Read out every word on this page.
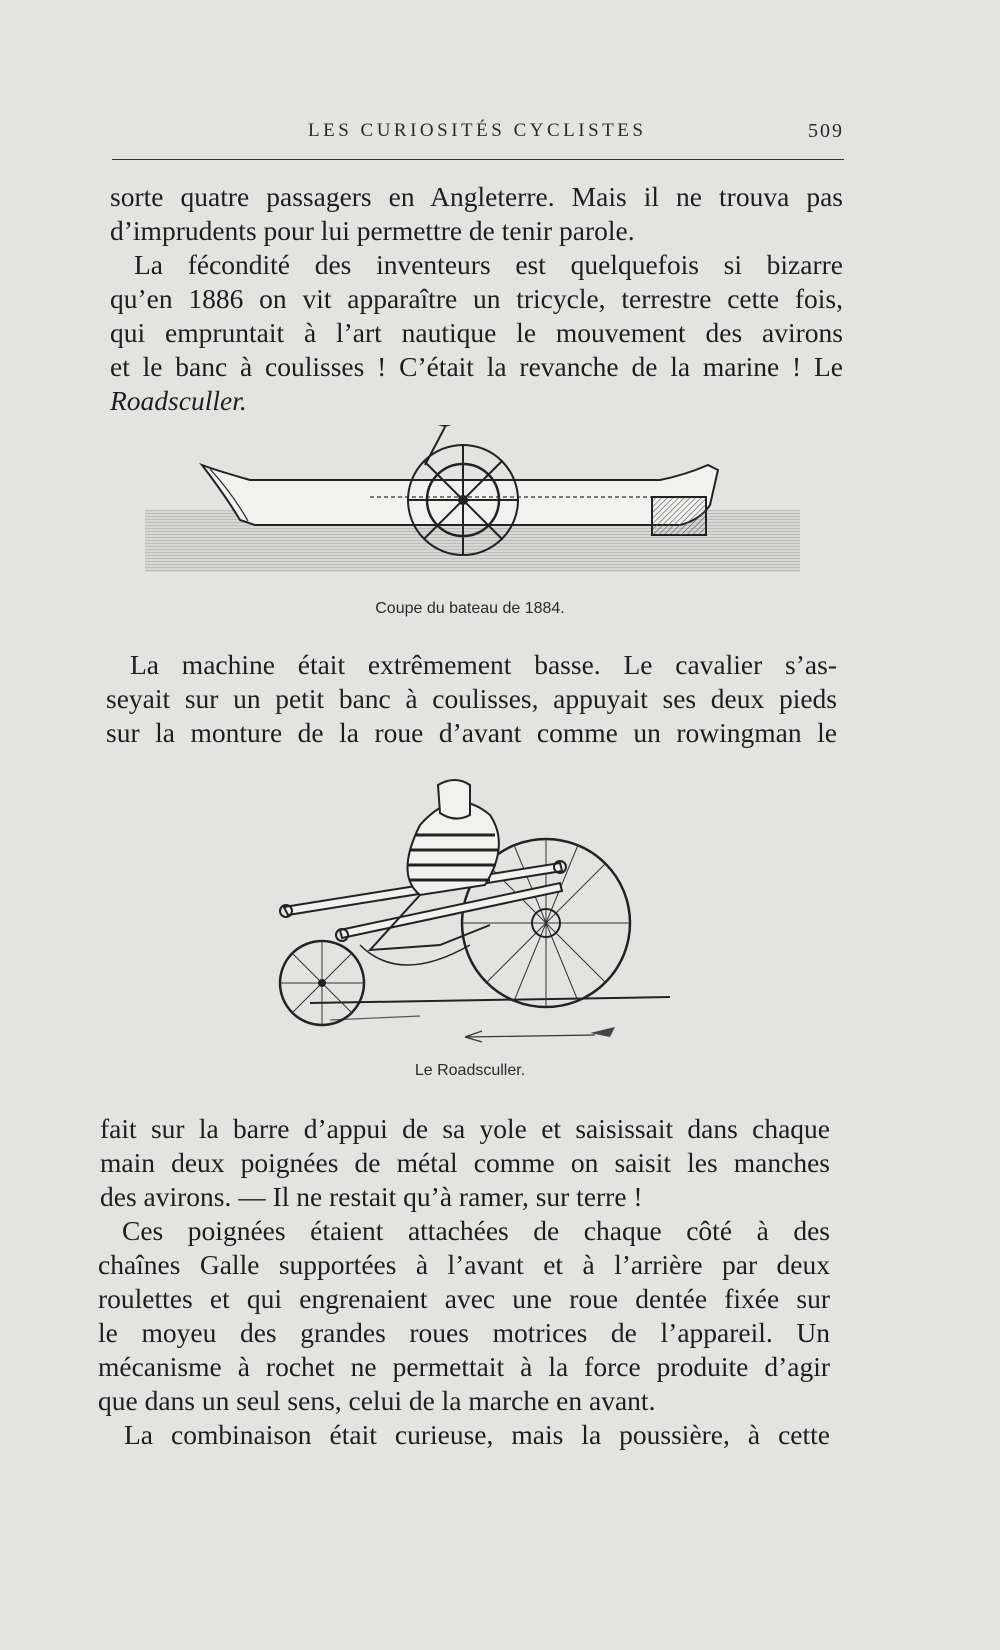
LES CURIOSITÉS CYCLISTES	509
sorte quatre passagers en Angleterre. Mais il ne trouva pas
d’imprudents pour lui permettre de tenir parole.
La fécondité des inventeurs est quelquefois si bizarre
qu’en 1886 on vit apparaître un tricycle, terrestre cette fois,
qui empruntait à l’art nautique le mouvement des avirons
et le banc à coulisses ! C’était la revanche de la marine ! Le
Roadsculler.
Coupe du bateau de 1884.
La machine était extrêmement basse. Le cavalier s’as-
seyait sur un petit banc à coulisses, appuyait ses deux pieds
sur la monture de la roue d’avant comme un rowingman le
Le Roadsculler.
fait sur la barre d’appui de sa yole et saisissait dans chaque
main deux poignées de métal comme on saisit les manches
des avirons. — Il ne restait qu’à ramer, sur terre !
Ces poignées étaient attachées de chaque côté à des
chaînes Galle supportées à l’avant et à l’arrière par deux
roulettes et qui engrenaient avec une roue dentée fixée sur
le moyeu des grandes roues motrices de l’appareil. Un
mécanisme à rochet ne permettait à la force produite d’agir
que dans un seul sens, celui de la marche en avant.
La combinaison était curieuse, mais la poussière, à cette
